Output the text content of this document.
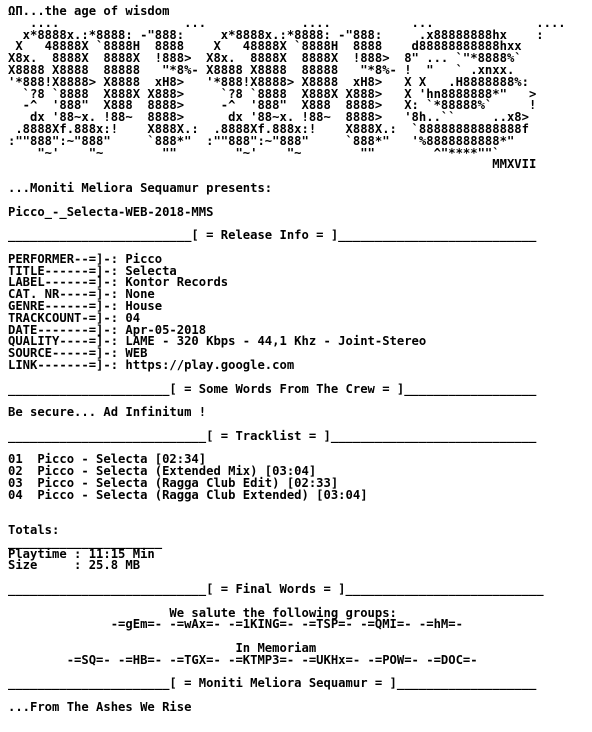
ΩΠ...the age of wisdom
....                 ...             ....           ...              ....
x*8888x.:*8888: -"888:     x*8888x.:*8888: -"888:     .x88888888hx    :
X   48888X `8888H  8888    X   48888X `8888H  8888    d88888888888hxx
X8x.  8888X  8888X  !888>  X8x.  8888X  8888X  !888>  8" ... `"*8888%`
X8888 X8888  88888   "*8%- X8888 X8888  88888   "*8%- !  "   ` .xnxx.
'*888!X8888> X8888  xH8>   '*888!X8888> X8888  xH8>   X X   .H8888888%:
`?8 `8888  X888X X888>     `?8 `8888  X888X X888>   X 'hn8888888*"   >
-^  '888"  X888  8888>     -^  '888"  X888  8888>   X: `*88888%`     !
dx '88~x. !88~  8888>      dx '88~x. !88~  8888>   '8h..``     ..x8>
.8888Xf.888x:!    X888X.:  .8888Xf.888x:!    X888X.:  `88888888888888f
:""888":~"888"     `888*"  :""888":~"888"     `888*"   '%8888888888*"
"~'    "~        ""        "~'    "~        ""        ^"****""`
MMXVII
...Moniti Meliora Sequamur presents:
Picco_-_Selecta-WEB-2018-MMS
_________________________[ = Release Info = ]___________________________
PERFORMER--=]-: Picco
TITLE------=]-: Selecta
LABEL------=]-: Kontor Records
CAT. NR----=]-: None
GENRE------=]-: House
TRACKCOUNT-=]-: 04
DATE-------=]-: Apr-05-2018
QUALITY----=]-: LAME - 320 Kbps - 44,1 Khz - Joint-Stereo
SOURCE-----=]-: WEB
LINK-------=]-: https://play.google.com
______________________[ = Some Words From The Crew = ]__________________
Be secure... Ad Infinitum !
___________________________[ = Tracklist = ]____________________________
01  Picco - Selecta [02:34]
02  Picco - Selecta (Extended Mix) [03:04]
03  Picco - Selecta (Ragga Club Edit) [02:33]
04  Picco - Selecta (Ragga Club Extended) [03:04]
Totals:
_____________________
Playtime : 11:15 Min
Size     : 25.8 MB
___________________________[ = Final Words = ]___________________________
We salute the following groups:
-=gEm=- -=wAx=- -=1KING=- -=TSP=- -=QMI=- -=hM=-
In Memoriam
-=SQ=- -=HB=- -=TGX=- -=KTMP3=- -=UKHx=- -=POW=- -=DOC=-
______________________[ = Moniti Meliora Sequamur = ]___________________
...From The Ashes We Rise
